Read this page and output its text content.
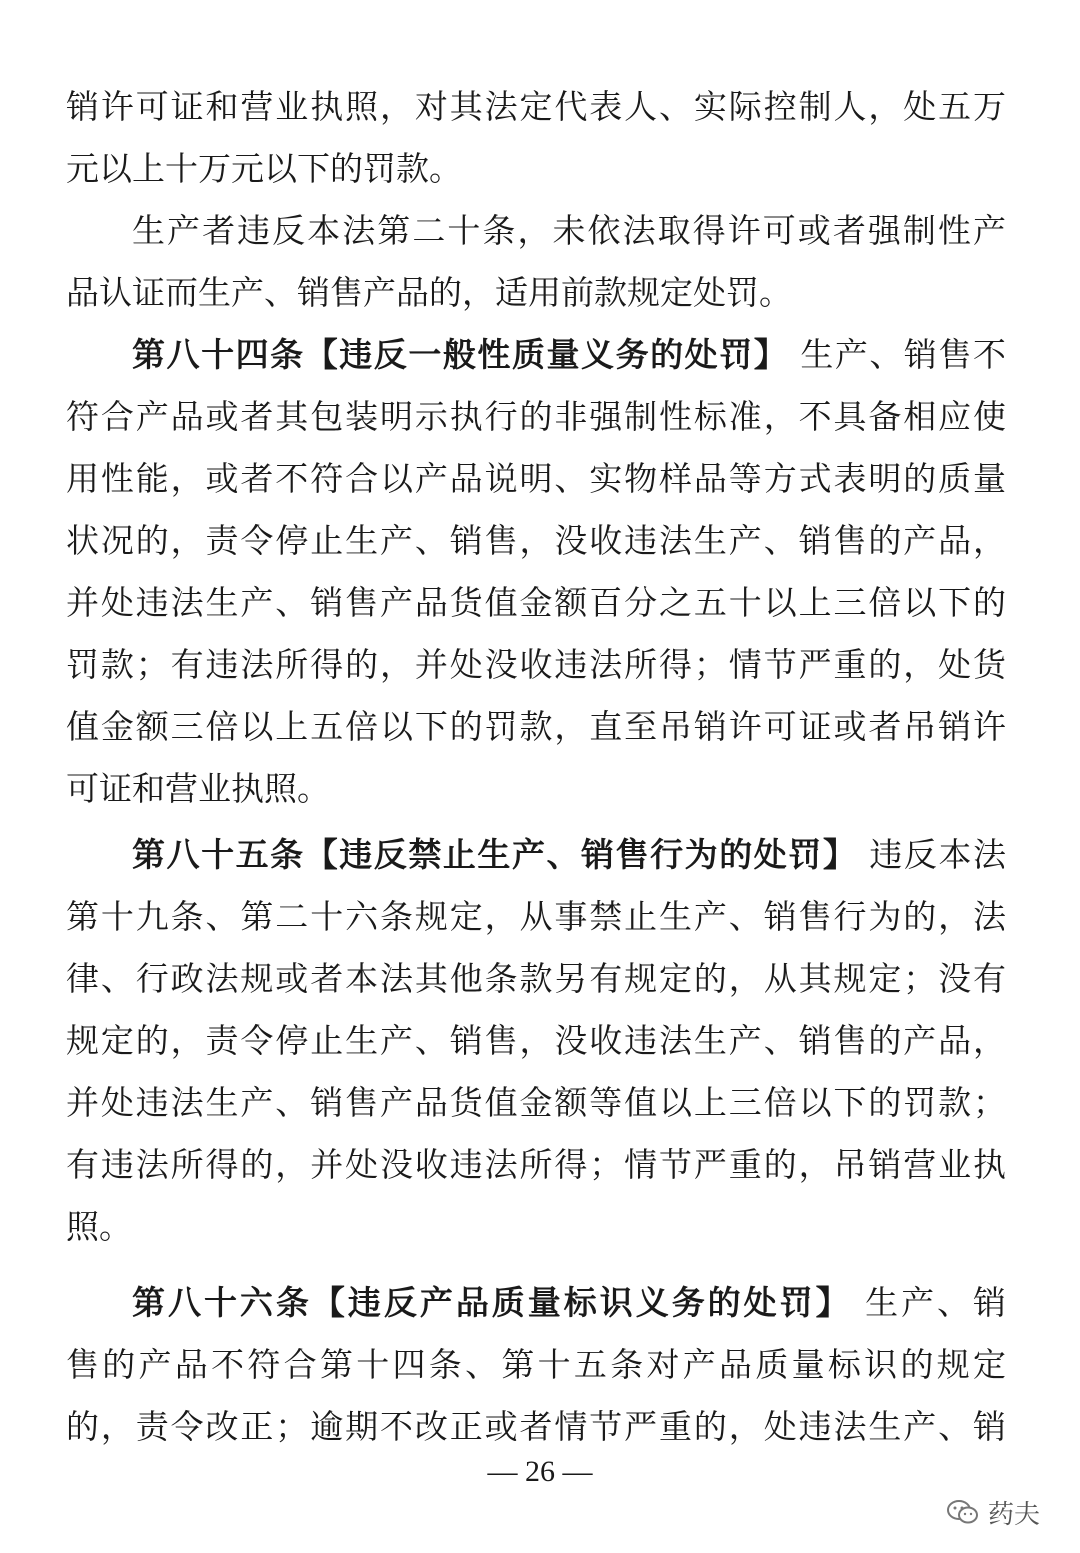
销许可证和营业执照，对其法定代表人、实际控制人，处五万
元以上十万元以下的罚款。
生产者违反本法第二十条，未依法取得许可或者强制性产
品认证而生产、销售产品的，适用前款规定处罚。
第八十四条【违反一般性质量义务的处罚】 生产、销售不
符合产品或者其包装明示执行的非强制性标准，不具备相应使
用性能，或者不符合以产品说明、实物样品等方式表明的质量
状况的，责令停止生产、销售，没收违法生产、销售的产品，
并处违法生产、销售产品货值金额百分之五十以上三倍以下的
罚款；有违法所得的，并处没收违法所得；情节严重的，处货
值金额三倍以上五倍以下的罚款，直至吊销许可证或者吊销许
可证和营业执照。
第八十五条【违反禁止生产、销售行为的处罚】 违反本法
第十九条、第二十六条规定，从事禁止生产、销售行为的，法
律、行政法规或者本法其他条款另有规定的，从其规定；没有
规定的，责令停止生产、销售，没收违法生产、销售的产品，
并处违法生产、销售产品货值金额等值以上三倍以下的罚款；
有违法所得的，并处没收违法所得；情节严重的，吊销营业执
照。
第八十六条【违反产品质量标识义务的处罚】 生产、销
售的产品不符合第十四条、第十五条对产品质量标识的规定
的，责令改正；逾期不改正或者情节严重的，处违法生产、销
— 26 —
药夫
